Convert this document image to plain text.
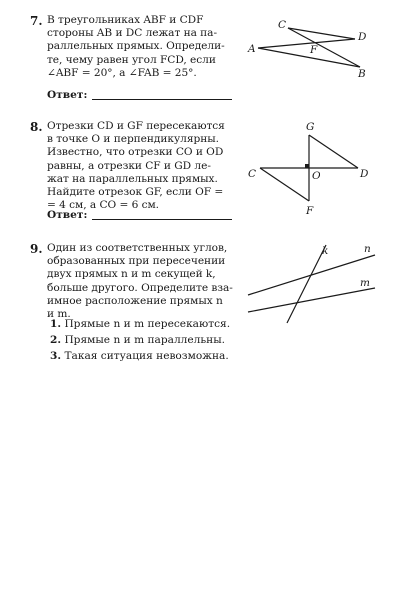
7. В треугольниках ABF и CDF
стороны AB и DC лежат на па-
раллельных прямых. Определи-
те, чему равен угол FCD, если
∠ABF = 20°, а ∠FAB = 25°.
Ответ:
C
D
F
A
B
8. Отрезки CD и GF пересекаются
в точке O и перпендикулярны.
Известно, что отрезки CO и OD
равны, а отрезки CF и GD ле-
жат на параллельных прямых.
Найдите отрезок GF, если OF =
= 4 см, а CO = 6 см.
Ответ:
G
C	O	D
F
9. Один из соответственных углов,
образованных при пересечении
двух прямых n и m секущей k,
больше другого. Определите вза-
имное расположение прямых n
и m.
1. Прямые n и m пересекаются.
2. Прямые n и m параллельны.
3. Такая ситуация невозможна.
k	n
m
